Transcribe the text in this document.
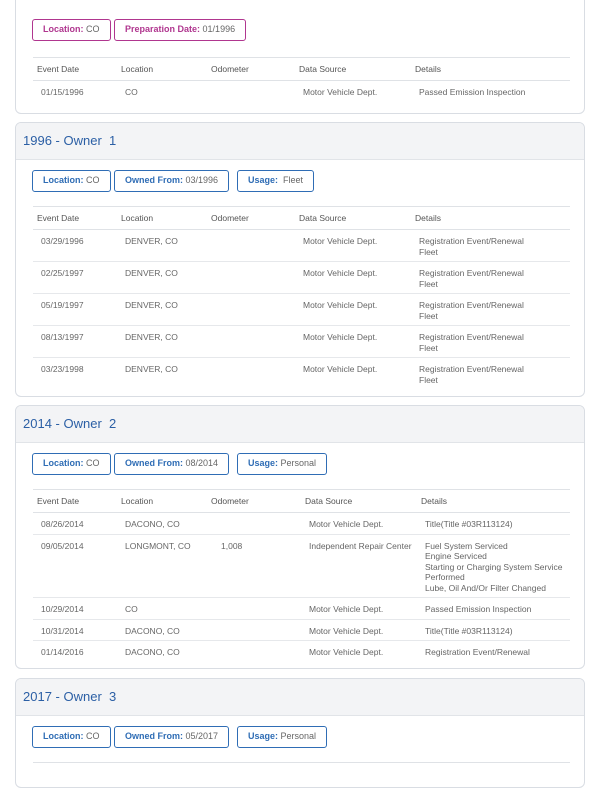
Location: CO	Preparation Date: 01/1996
Event Date	Location	Odometer	Data Source	Details
01/15/1996	CO		Motor Vehicle Dept.	Passed Emission Inspection
1996 - Owner 1
Location: CO	Owned From: 03/1996	Usage: Fleet
Event Date	Location	Odometer	Data Source	Details
03/29/1996	DENVER, CO		Motor Vehicle Dept.	Registration Event/Renewal
Fleet

02/25/1997	DENVER, CO		Motor Vehicle Dept.	Registration Event/Renewal
Fleet

05/19/1997	DENVER, CO		Motor Vehicle Dept.	Registration Event/Renewal
Fleet

08/13/1997	DENVER, CO		Motor Vehicle Dept.	Registration Event/Renewal
Fleet

03/23/1998	DENVER, CO		Motor Vehicle Dept.	Registration Event/Renewal
Fleet
2014 - Owner 2
Location: CO	Owned From: 08/2014	Usage: Personal
Event Date	Location	Odometer	Data Source	Details
08/26/2014	DACONO, CO		Motor Vehicle Dept.	Title(Title #03R113124)

09/05/2014	LONGMONT, CO	1,008	Independent Repair Center	Fuel System Serviced
Engine Serviced
Starting or Charging System Service
Performed
Lube, Oil And/Or Filter Changed

10/29/2014	CO		Motor Vehicle Dept.	Passed Emission Inspection

10/31/2014	DACONO, CO		Motor Vehicle Dept.	Title(Title #03R113124)

01/14/2016	DACONO, CO		Motor Vehicle Dept.	Registration Event/Renewal
2017 - Owner 3
Location: CO	Owned From: 05/2017	Usage: Personal
